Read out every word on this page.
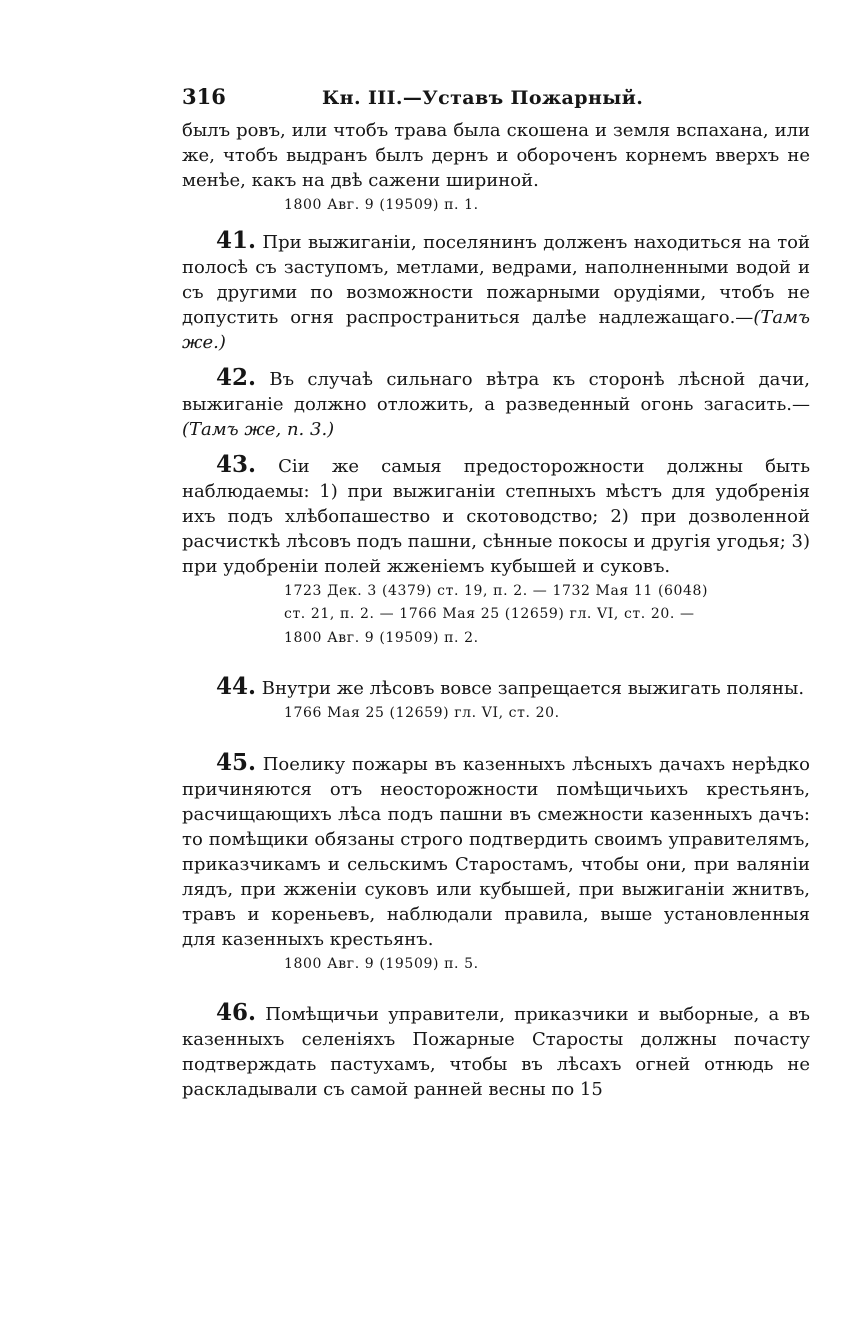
316	Кн. III.—Уставъ Пожарный.

былъ ровъ, или чтобъ трава была скошена и земля вспахана, или же, чтобъ выдранъ былъ дернъ и обороченъ корнемъ вверхъ не менѣе, какъ на двѣ сажени шириной.

1800 Авг. 9 (19509) п. 1.

41. При выжиганіи, поселянинъ долженъ находиться на той полосѣ съ заступомъ, метлами, ведрами, наполненными водой и съ другими по возможности пожарными орудіями, чтобъ не допустить огня распространиться далѣе надлежащаго.—(Тамъ же.)

42. Въ случаѣ сильнаго вѣтра къ сторонѣ лѣсной дачи, выжиганіе должно отложить, а разведенный огонь загасить.—(Тамъ же, п. 3.)

43. Сіи же самыя предосторожности должны быть наблюдаемы: 1) при выжиганіи степныхъ мѣстъ для удобренія ихъ подъ хлѣбопашество и скотоводство; 2) при дозволенной расчисткѣ лѣсовъ подъ пашни, сѣнные покосы и другія угодья; 3) при удобреніи полей жженіемъ кубышей и суковъ.

1723 Дек. 3 (4379) ст. 19, п. 2. — 1732 Мая 11 (6048)
ст. 21, п. 2. — 1766 Мая 25 (12659) гл. VI, ст. 20. —
1800 Авг. 9 (19509) п. 2.

44. Внутри же лѣсовъ вовсе запрещается выжигать поляны.

1766 Мая 25 (12659) гл. VI, ст. 20.

45. Поелику пожары въ казенныхъ лѣсныхъ дачахъ нерѣдко причиняются отъ неосторожности помѣщичьихъ крестьянъ, расчищающихъ лѣса подъ пашни въ смежности казенныхъ дачъ: то помѣщики обязаны строго подтвердить своимъ управителямъ, приказчикамъ и сельскимъ Старостамъ, чтобы они, при валяніи лядъ, при жженіи суковъ или кубышей, при выжиганіи жнитвъ, травъ и кореньевъ, наблюдали правила, выше установленныя для казенныхъ крестьянъ.

1800 Авг. 9 (19509) п. 5.

46. Помѣщичьи управители, приказчики и выборные, а въ казенныхъ селеніяхъ Пожарные Старосты должны почасту подтверждать пастухамъ, чтобы въ лѣсахъ огней отнюдь не раскладывали съ самой ранней весны по 15
